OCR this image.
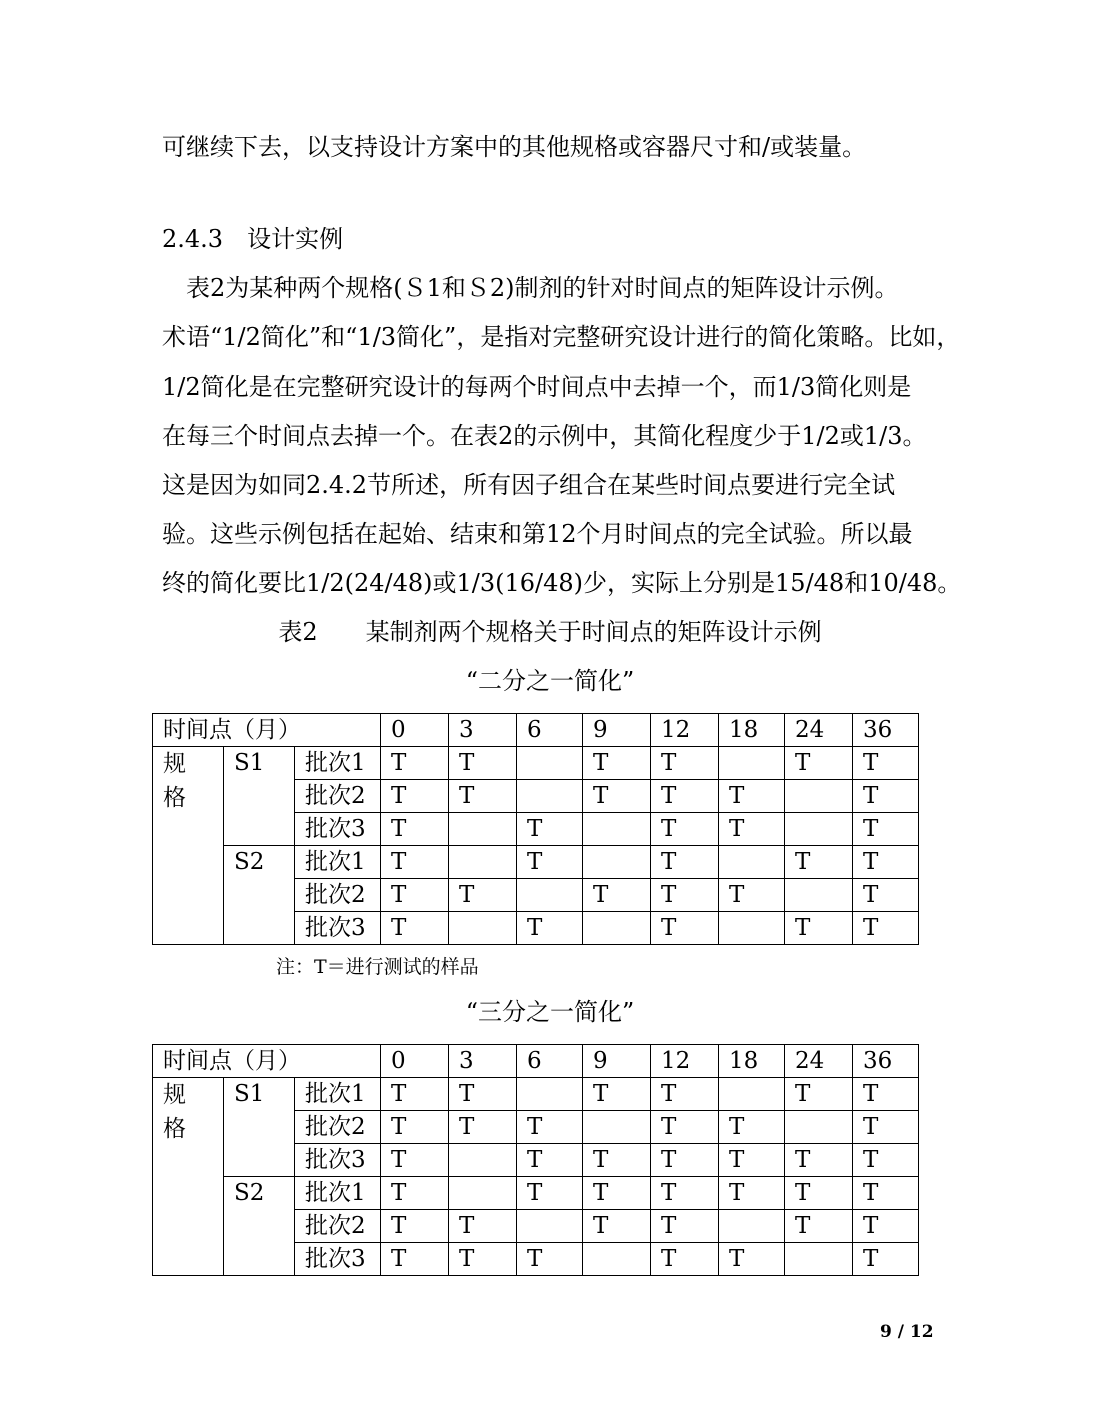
可继续下去，以支持设计方案中的其他规格或容器尺寸和/或装量。
2.4.3　设计实例
　表2为某种两个规格(Ｓ1和Ｓ2)制剂的针对时间点的矩阵设计示例。
术语“1/2简化”和“1/3简化”，是指对完整研究设计进行的简化策略。比如，
1/2简化是在完整研究设计的每两个时间点中去掉一个，而1/3简化则是
在每三个时间点去掉一个。在表2的示例中，其简化程度少于1/2或1/3。
这是因为如同2.4.2节所述，所有因子组合在某些时间点要进行完全试
验。这些示例包括在起始、结束和第12个月时间点的完全试验。所以最
终的简化要比1/2(24/48)或1/3(16/48)少，实际上分别是15/48和10/48。
表2　　某制剂两个规格关于时间点的矩阵设计示例
“二分之一简化”
时间点（月）			0	3	6	9	12	18	24	36

规
格	S1	批次1	T	T		T	T		T	T
		批次2	T	T		T	T	T		T
		批次3	T		T		T	T		T
	S2	批次1	T		T		T		T	T
		批次2	T	T		T	T	T		T
		批次3	T		T		T		T	T
注：T＝进行测试的样品
“三分之一简化”
时间点（月）			0	3	6	9	12	18	24	36

规
格	S1	批次1	T	T		T	T		T	T
		批次2	T	T	T		T	T		T
		批次3	T		T	T	T	T	T	T
	S2	批次1	T		T	T	T	T	T	T
		批次2	T	T		T	T		T	T
		批次3	T	T	T		T	T		T
9 / 12
